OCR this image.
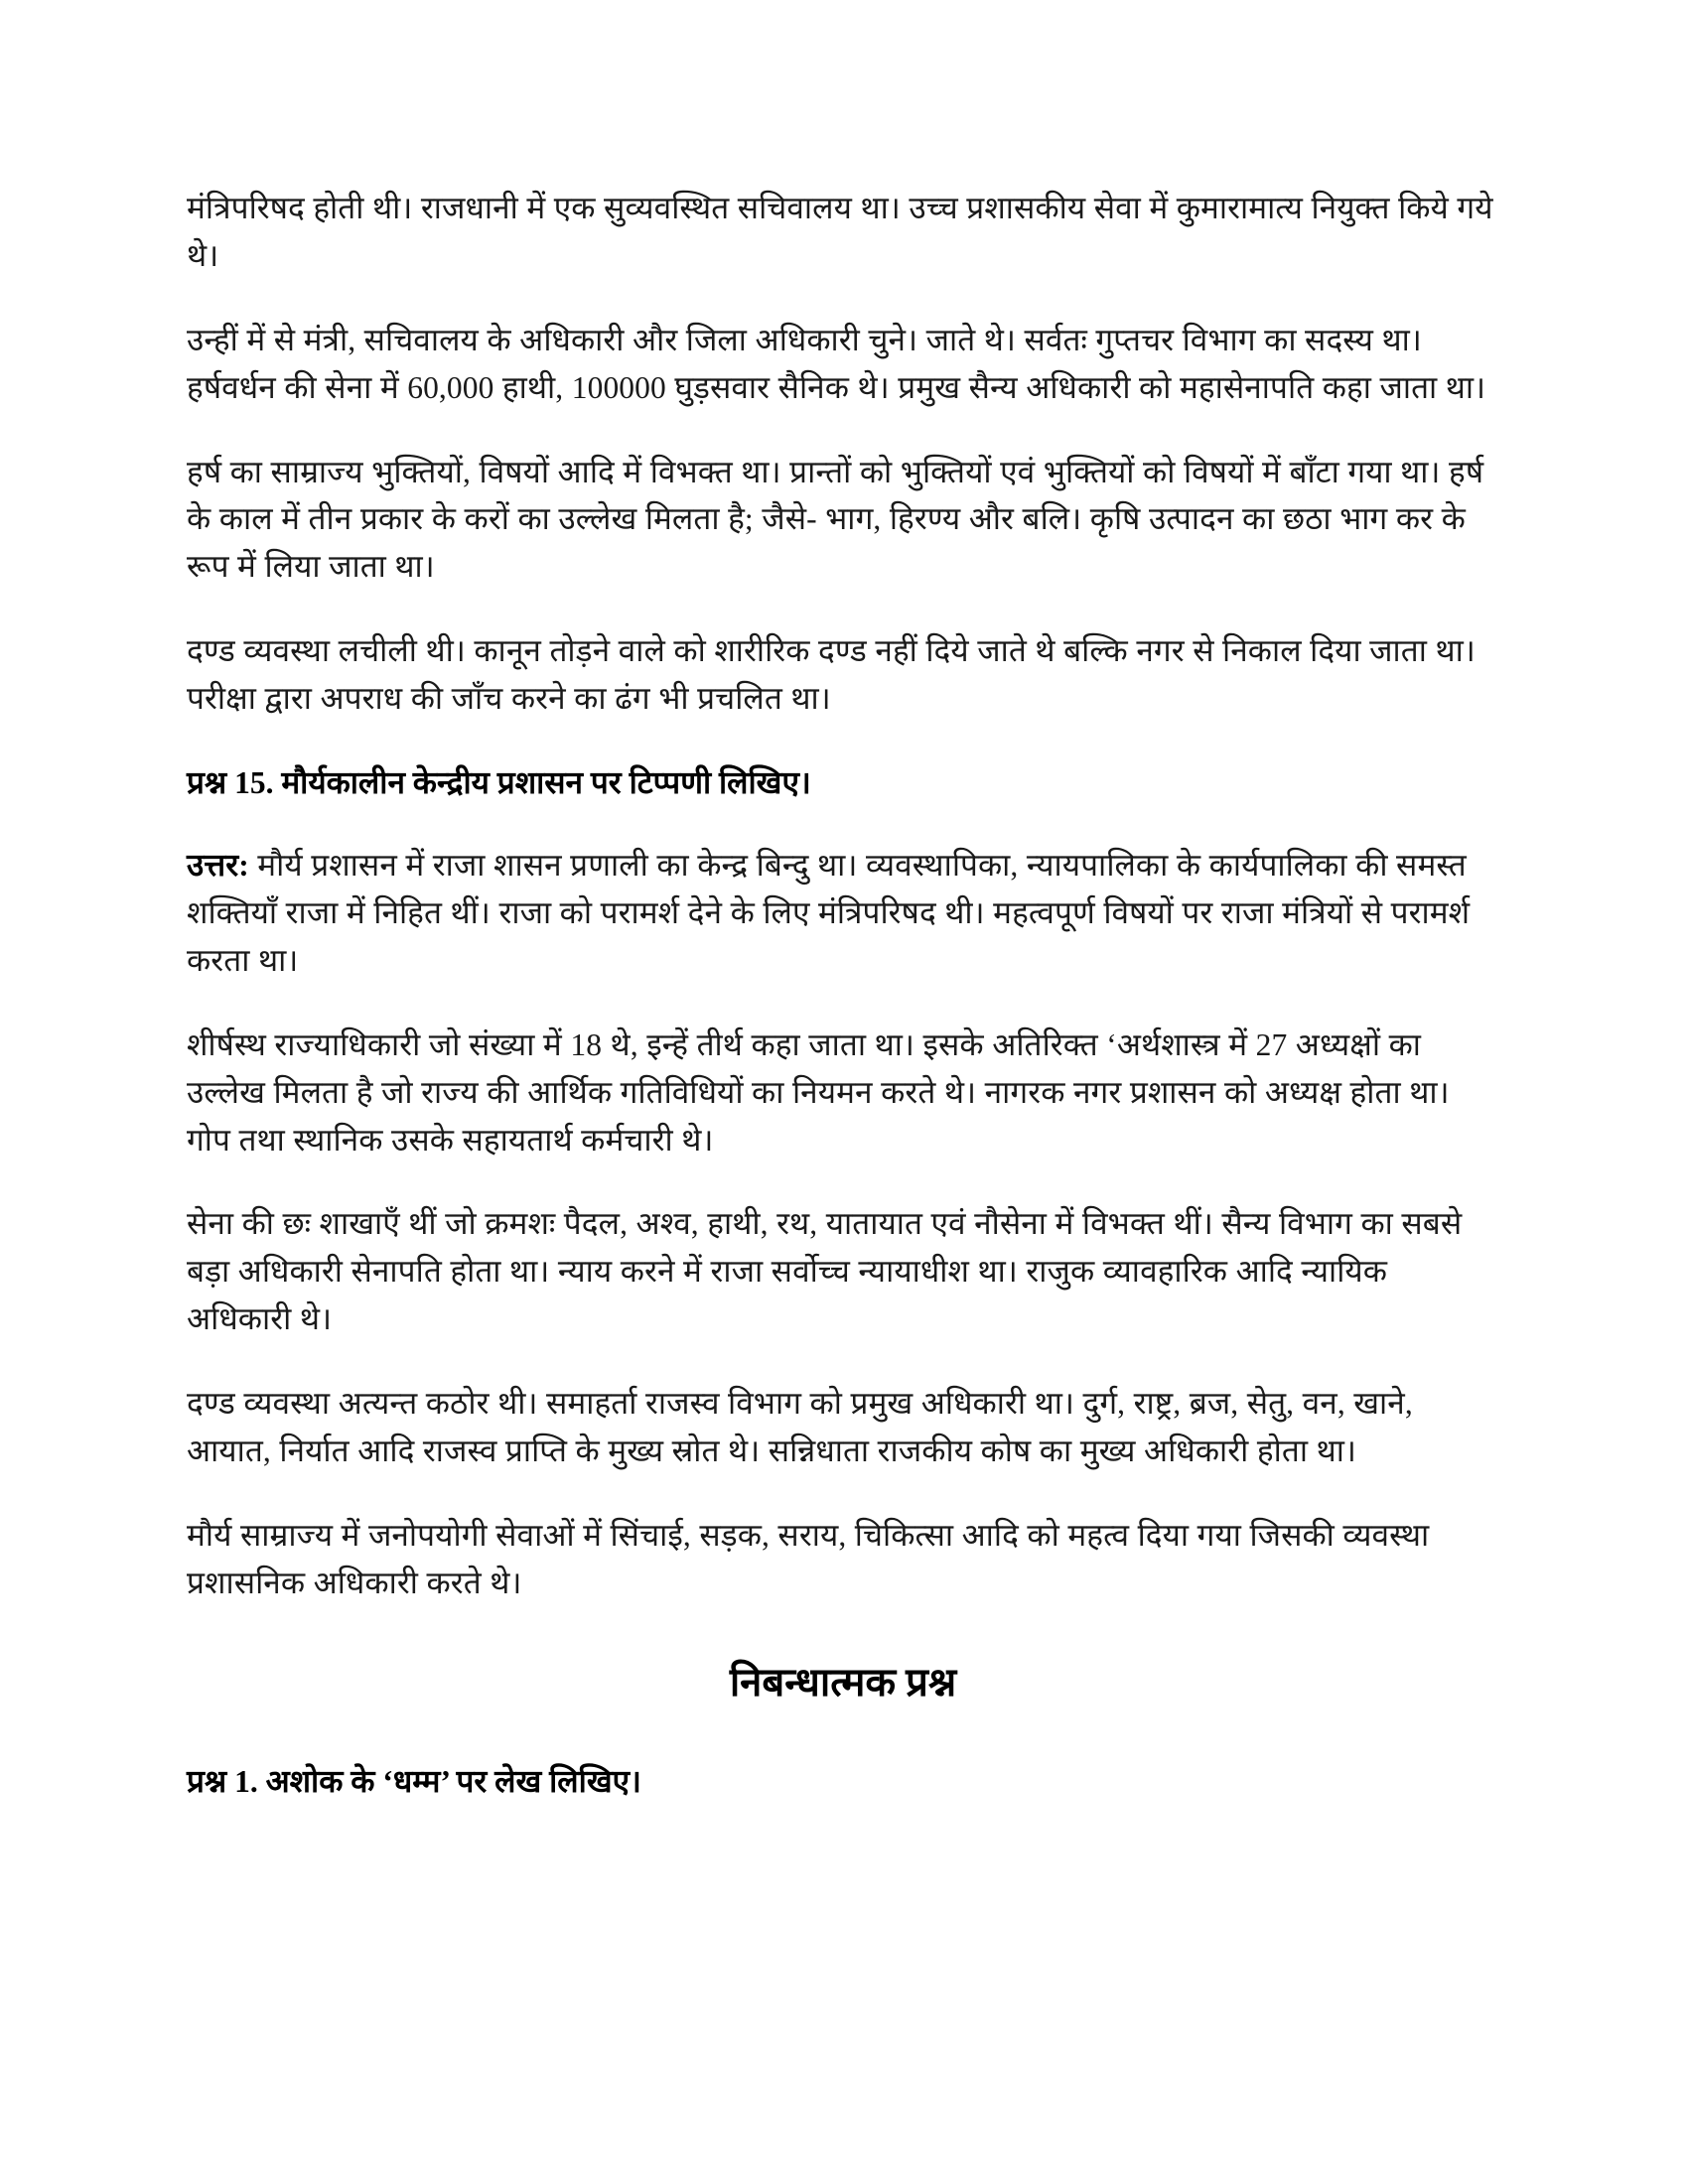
मंत्रिपरिषद होती थी। राजधानी में एक सुव्यवस्थित सचिवालय था। उच्च प्रशासकीय सेवा में कुमारामात्य नियुक्त किये गये थे।

उन्हीं में से मंत्री, सचिवालय के अधिकारी और जिला अधिकारी चुने। जाते थे। सर्वतः गुप्तचर विभाग का सदस्य था। हर्षवर्धन की सेना में 60,000 हाथी, 100000 घुड़सवार सैनिक थे। प्रमुख सैन्य अधिकारी को महासेनापति कहा जाता था।

हर्ष का साम्राज्य भुक्तियों, विषयों आदि में विभक्त था। प्रान्तों को भुक्तियों एवं भुक्तियों को विषयों में बाँटा गया था। हर्ष के काल में तीन प्रकार के करों का उल्लेख मिलता है; जैसे- भाग, हिरण्य और बलि। कृषि उत्पादन का छठा भाग कर के रूप में लिया जाता था।

दण्ड व्यवस्था लचीली थी। कानून तोड़ने वाले को शारीरिक दण्ड नहीं दिये जाते थे बल्कि नगर से निकाल दिया जाता था। परीक्षा द्वारा अपराध की जाँच करने का ढंग भी प्रचलित था।

प्रश्न 15. मौर्यकालीन केन्द्रीय प्रशासन पर टिप्पणी लिखिए।

उत्तर: मौर्य प्रशासन में राजा शासन प्रणाली का केन्द्र बिन्दु था। व्यवस्थापिका, न्यायपालिका के कार्यपालिका की समस्त शक्तियाँ राजा में निहित थीं। राजा को परामर्श देने के लिए मंत्रिपरिषद थी। महत्वपूर्ण विषयों पर राजा मंत्रियों से परामर्श करता था।

शीर्षस्थ राज्याधिकारी जो संख्या में 18 थे, इन्हें तीर्थ कहा जाता था। इसके अतिरिक्त ‘अर्थशास्त्र में 27 अध्यक्षों का उल्लेख मिलता है जो राज्य की आर्थिक गतिविधियों का नियमन करते थे। नागरक नगर प्रशासन को अध्यक्ष होता था। गोप तथा स्थानिक उसके सहायतार्थ कर्मचारी थे।

सेना की छः शाखाएँ थीं जो क्रमशः पैदल, अश्व, हाथी, रथ, यातायात एवं नौसेना में विभक्त थीं। सैन्य विभाग का सबसे बड़ा अधिकारी सेनापति होता था। न्याय करने में राजा सर्वोच्च न्यायाधीश था। राजुक व्यावहारिक आदि न्यायिक अधिकारी थे।

दण्ड व्यवस्था अत्यन्त कठोर थी। समाहर्ता राजस्व विभाग को प्रमुख अधिकारी था। दुर्ग, राष्ट्र, ब्रज, सेतु, वन, खाने, आयात, निर्यात आदि राजस्व प्राप्ति के मुख्य स्रोत थे। सन्निधाता राजकीय कोष का मुख्य अधिकारी होता था।

मौर्य साम्राज्य में जनोपयोगी सेवाओं में सिंचाई, सड़क, सराय, चिकित्सा आदि को महत्व दिया गया जिसकी व्यवस्था प्रशासनिक अधिकारी करते थे।

निबन्धात्मक प्रश्न
प्रश्न 1. अशोक के ‘धम्म’ पर लेख लिखिए।
